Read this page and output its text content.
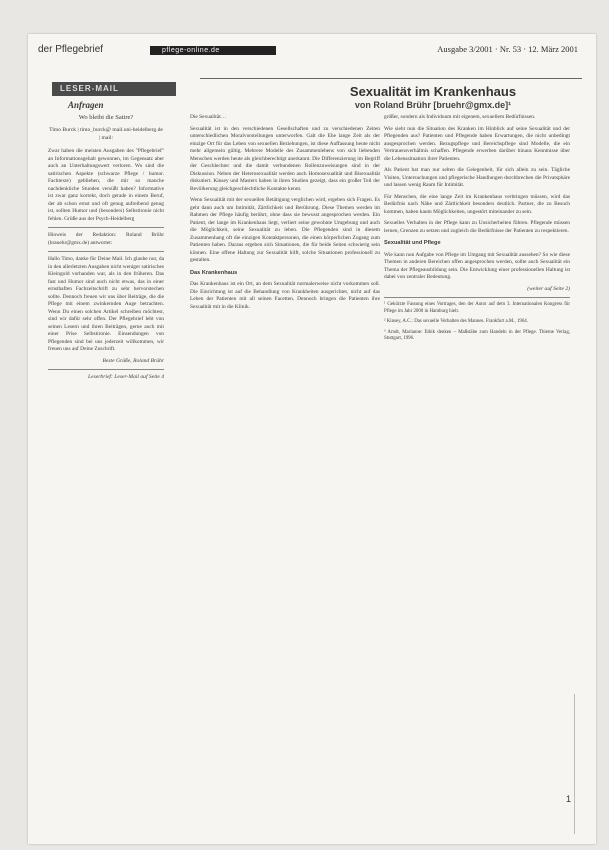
der Pflegebrief	pflege-online.de	Ausgabe 3/2001 · Nr. 53 · 12. März 2001
LESER-MAIL	Sexualität im Krankenhaus
von Roland Brühr [bruehr@gmx.de]¹
Anfragen
Wo bleibt die Satire?
Timo Burck | timo_burck@ mail.uni-heidelberg.de | mail:

Zwar haben die meisten Ausgaben des "Pflegebrief" an Informationsgehalt gewonnen, im Gegensatz aber auch an Unterhaltungswert verloren. Wo sind die satirischen Aspekte (schwarze Pflege / humor. Fachtexte) geblieben, die mir so manche nachdenkliche Stunden versüßt haben? Informative ist zwar ganz korrekt, doch gerade in einem Beruf, der ab schon ernst und oft genug aufreibend genug ist, sollten Humor und (besonders) Selbstironie nicht fehlen. Grüße aus der Psych-Heidelberg

Hinweis der Redaktion: Roland Brühr (brauehr@gmx.de) antwortet:

Hallo Timo, danke für Deine Mail. Ich glaube nur, da in den allerletzten Ausgaben nicht weniger satirisches Kleingold vorhanden war, als in den früheren. Das fast und Humor sind auch nicht etwas, das in einer ernsthaften Fachzeitschrift zu sehr hervorstechen sollte. Dennoch freuen wir uns über Beiträge, die die Pflege mit einem zwinkernden Auge betrachten. Wenn Du einen solchen Artikel schreiben möchtest, sind wir dafür sehr offen. Der Pflegebrief lebt von seinen Lesern und ihren Beiträgen, gerne auch mit einer Prise Selbstironie. Einsendungen von Pflegenden sind bei uns jederzeit willkommen, wir freuen uns auf Deine Zuschrift.

Beste Grüße, Roland Brühr

Leserbrief: Leser-Mail auf Seite 4

Die Sexualität…

Sexualität ist in den verschiedenen Gesellschaften und zu verschiedenen Zeiten unterschiedlichen Moralvorstellungen unterworfen. Galt die Ehe lange Zeit als der einzige Ort für das Leben von sexuellen Beziehungen, ist diese Auffassung heute nicht mehr allgemein gültig. Mehrere Modelle des Zusammenlebens von sich liebenden Menschen werden heute als gleichberechtigt anerkannt. Die Differenzierung im Begriff der Geschlechter und die damit verbundenen Rollenzuweisungen sind in der Diskussion. Neben der Heterosexualität werden auch Homosexualität und Bisexualität diskutiert. Kinsey und Masters haben in ihren Studien gezeigt, dass ein großer Teil der Bevölkerung gleichgeschlechtliche Kontakte kennt.

Wenn Sexualität mit der sexuellen Betätigung verglichen wird, ergeben sich Fragen. Es geht dann auch um Intimität, Zärtlichkeit und Berührung. Diese Themen werden im Rahmen der Pflege häufig berührt, ohne dass sie bewusst angesprochen werden. Ein Patient, der lange im Krankenhaus liegt, verliert seine gewohnte Umgebung und auch die Möglichkeit, seine Sexualität zu leben. Die Pflegenden sind in diesem Zusammenhang oft die einzigen Kontaktpersonen, die einen körperlichen Zugang zum Patienten haben. Daraus ergeben sich Situationen, die für beide Seiten schwierig sein können. Eine offene Haltung zur Sexualität hilft, solche Situationen professionell zu gestalten.

Das Krankenhaus

Das Krankenhaus ist ein Ort, an dem Sexualität normalerweise nicht vorkommen soll. Die Einrichtung ist auf die Behandlung von Krankheiten ausgerichtet, nicht auf das Leben der Patienten mit all seinen Facetten. Dennoch bringen die Patienten ihre Sexualität mit in die Klinik.

größer, sondern als Individuum mit eigenem, sexuellem Bedürfnissen.

Wie sieht nun die Situation des Kranken im Hinblick auf seine Sexualität und der Pflegenden aus? Patienten und Pflegende haben Erwartungen, die nicht unbedingt ausgesprochen werden. Bezugspflege und Bereichspflege sind Modelle, die ein Vertrauensverhältnis schaffen. Pflegende erwerben darüber hinaus Kenntnisse über die Lebenssituation ihrer Patienten.

Als Patient hat man nur selten die Gelegenheit, für sich allein zu sein. Tägliche Visiten, Untersuchungen und pflegerische Handlungen durchbrechen die Privatsphäre und lassen wenig Raum für Intimität.

Für Menschen, die eine lange Zeit im Krankenhaus verbringen müssen, wird das Bedürfnis nach Nähe und Zärtlichkeit besonders deutlich. Partner, die zu Besuch kommen, haben kaum Möglichkeiten, ungestört miteinander zu sein.

Sexuelles Verhalten in der Pflege kann zu Unsicherheiten führen. Pflegende müssen lernen, Grenzen zu setzen und zugleich die Bedürfnisse der Patienten zu respektieren.

Sexualität und Pflege

Wie kann nun Aufgabe von Pflege im Umgang mit Sexualität aussehen? So wie diese Themen in anderen Bereichen offen angesprochen werden, sollte auch Sexualität ein Thema der Pflegeausbildung sein. Die Entwicklung einer professionellen Haltung ist dabei von zentraler Bedeutung.

(weiter auf Seite 2)

¹ Gekürzte Fassung eines Vortrages, den der Autor auf dem 3. Internationalen Kongress für Pflege im Jahr 2000 in Hamburg hielt.

² Kinsey, A.C.: Das sexuelle Verhalten des Mannes. Frankfurt a.M., 1964.

³ Arndt, Marianne: Ethik denken – Maßstäbe zum Handeln in der Pflege. Thieme Verlag, Stuttgart, 1996.

1
